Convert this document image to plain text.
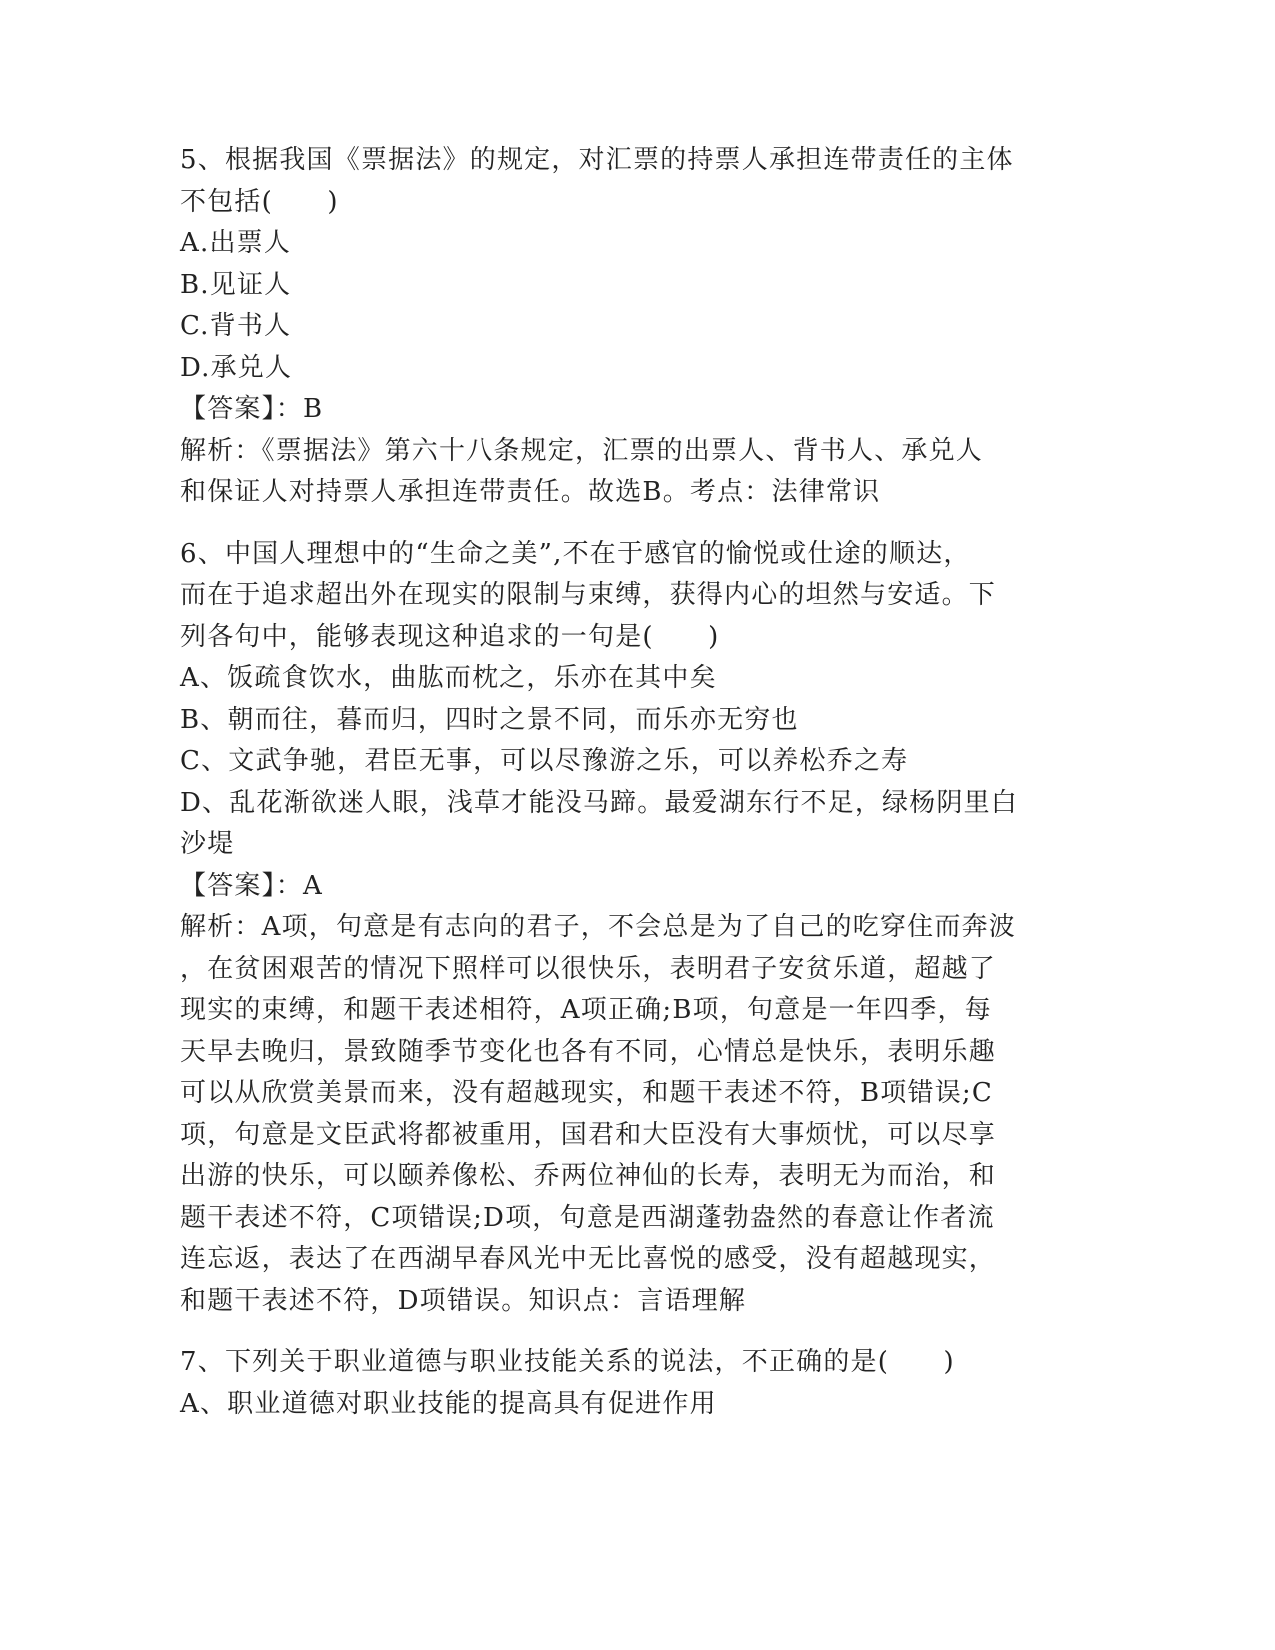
5、根据我国《票据法》的规定，对汇票的持票人承担连带责任的主体
不包括(　　)
A.出票人
B.见证人
C.背书人
D.承兑人
【答案】：B
解析：《票据法》第六十八条规定，汇票的出票人、背书人、承兑人
和保证人对持票人承担连带责任。故选B。考点：法律常识
6、中国人理想中的“生命之美”,不在于感官的愉悦或仕途的顺达，
而在于追求超出外在现实的限制与束缚，获得内心的坦然与安适。下
列各句中，能够表现这种追求的一句是(　　)
A、饭疏食饮水，曲肱而枕之，乐亦在其中矣
B、朝而往，暮而归，四时之景不同，而乐亦无穷也
C、文武争驰，君臣无事，可以尽豫游之乐，可以养松乔之寿
D、乱花渐欲迷人眼，浅草才能没马蹄。最爱湖东行不足，绿杨阴里白
沙堤
【答案】：A
解析：A项，句意是有志向的君子，不会总是为了自己的吃穿住而奔波
，在贫困艰苦的情况下照样可以很快乐，表明君子安贫乐道，超越了
现实的束缚，和题干表述相符，A项正确;B项，句意是一年四季，每
天早去晚归，景致随季节变化也各有不同，心情总是快乐，表明乐趣
可以从欣赏美景而来，没有超越现实，和题干表述不符，B项错误;C
项，句意是文臣武将都被重用，国君和大臣没有大事烦忧，可以尽享
出游的快乐，可以颐养像松、乔两位神仙的长寿，表明无为而治，和
题干表述不符，C项错误;D项，句意是西湖蓬勃盎然的春意让作者流
连忘返，表达了在西湖早春风光中无比喜悦的感受，没有超越现实，
和题干表述不符，D项错误。知识点：言语理解
7、下列关于职业道德与职业技能关系的说法，不正确的是(　　)
A、职业道德对职业技能的提高具有促进作用
